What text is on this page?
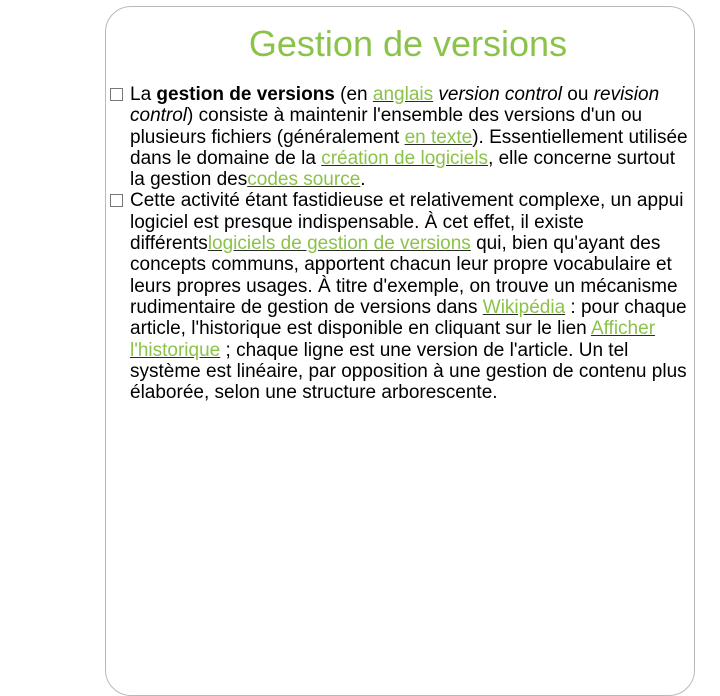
Gestion de versions

La gestion de versions (en anglais version control ou revision control) consiste à maintenir l'ensemble des versions d'un ou plusieurs fichiers (généralement en texte). Essentiellement utilisée dans le domaine de la création de logiciels, elle concerne surtout la gestion descodes source.

Cette activité étant fastidieuse et relativement complexe, un appui logiciel est presque indispensable. À cet effet, il existe différentslogiciels de gestion de versions qui, bien qu'ayant des concepts communs, apportent chacun leur propre vocabulaire et leurs propres usages. À titre d'exemple, on trouve un mécanisme rudimentaire de gestion de versions dans Wikipédia : pour chaque article, l'historique est disponible en cliquant sur le lien Afficher l'historique ; chaque ligne est une version de l'article. Un tel système est linéaire, par opposition à une gestion de contenu plus élaborée, selon une structure arborescente.
